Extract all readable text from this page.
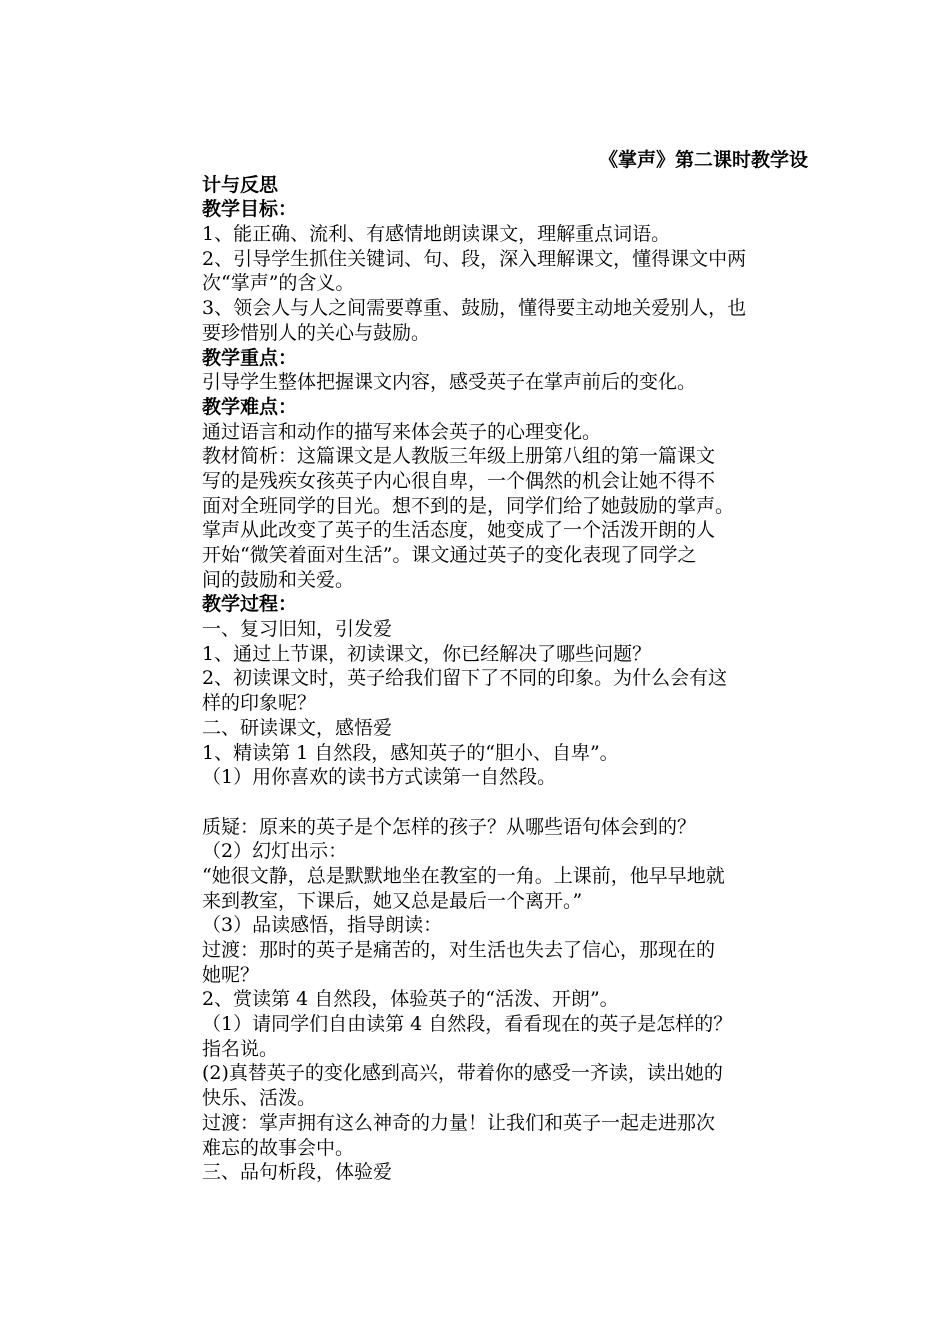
《掌声》第二课时教学设
计与反思
教学目标：
1、能正确、流利、有感情地朗读课文，理解重点词语。
2、引导学生抓住关键词、句、段，深入理解课文，懂得课文中两
次“掌声”的含义。
3、领会人与人之间需要尊重、鼓励，懂得要主动地关爱别人，也
要珍惜别人的关心与鼓励。
教学重点：
引导学生整体把握课文内容，感受英子在掌声前后的变化。
教学难点：
通过语言和动作的描写来体会英子的心理变化。
教材简析：这篇课文是人教版三年级上册第八组的第一篇课文
写的是残疾女孩英子内心很自卑，一个偶然的机会让她不得不
面对全班同学的目光。想不到的是，同学们给了她鼓励的掌声。
掌声从此改变了英子的生活态度，她变成了一个活泼开朗的人
开始“微笑着面对生活”。课文通过英子的变化表现了同学之
间的鼓励和关爱。
教学过程：
一、复习旧知，引发爱
1、通过上节课，初读课文，你已经解决了哪些问题？
2、初读课文时，英子给我们留下了不同的印象。为什么会有这
样的印象呢？
二、研读课文，感悟爱
1、精读第 1 自然段，感知英子的“胆小、自卑”。
（1）用你喜欢的读书方式读第一自然段。
质疑：原来的英子是个怎样的孩子？从哪些语句体会到的？
（2）幻灯出示：
“她很文静，总是默默地坐在教室的一角。上课前，他早早地就
来到教室，下课后，她又总是最后一个离开。”
（3）品读感悟，指导朗读：
过渡：那时的英子是痛苦的，对生活也失去了信心，那现在的
她呢？
2、赏读第 4 自然段，体验英子的“活泼、开朗”。
（1）请同学们自由读第 4 自然段，看看现在的英子是怎样的？
指名说。
(2)真替英子的变化感到高兴，带着你的感受一齐读，读出她的
快乐、活泼。
过渡：掌声拥有这么神奇的力量！让我们和英子一起走进那次
难忘的故事会中。
三、品句析段，体验爱
